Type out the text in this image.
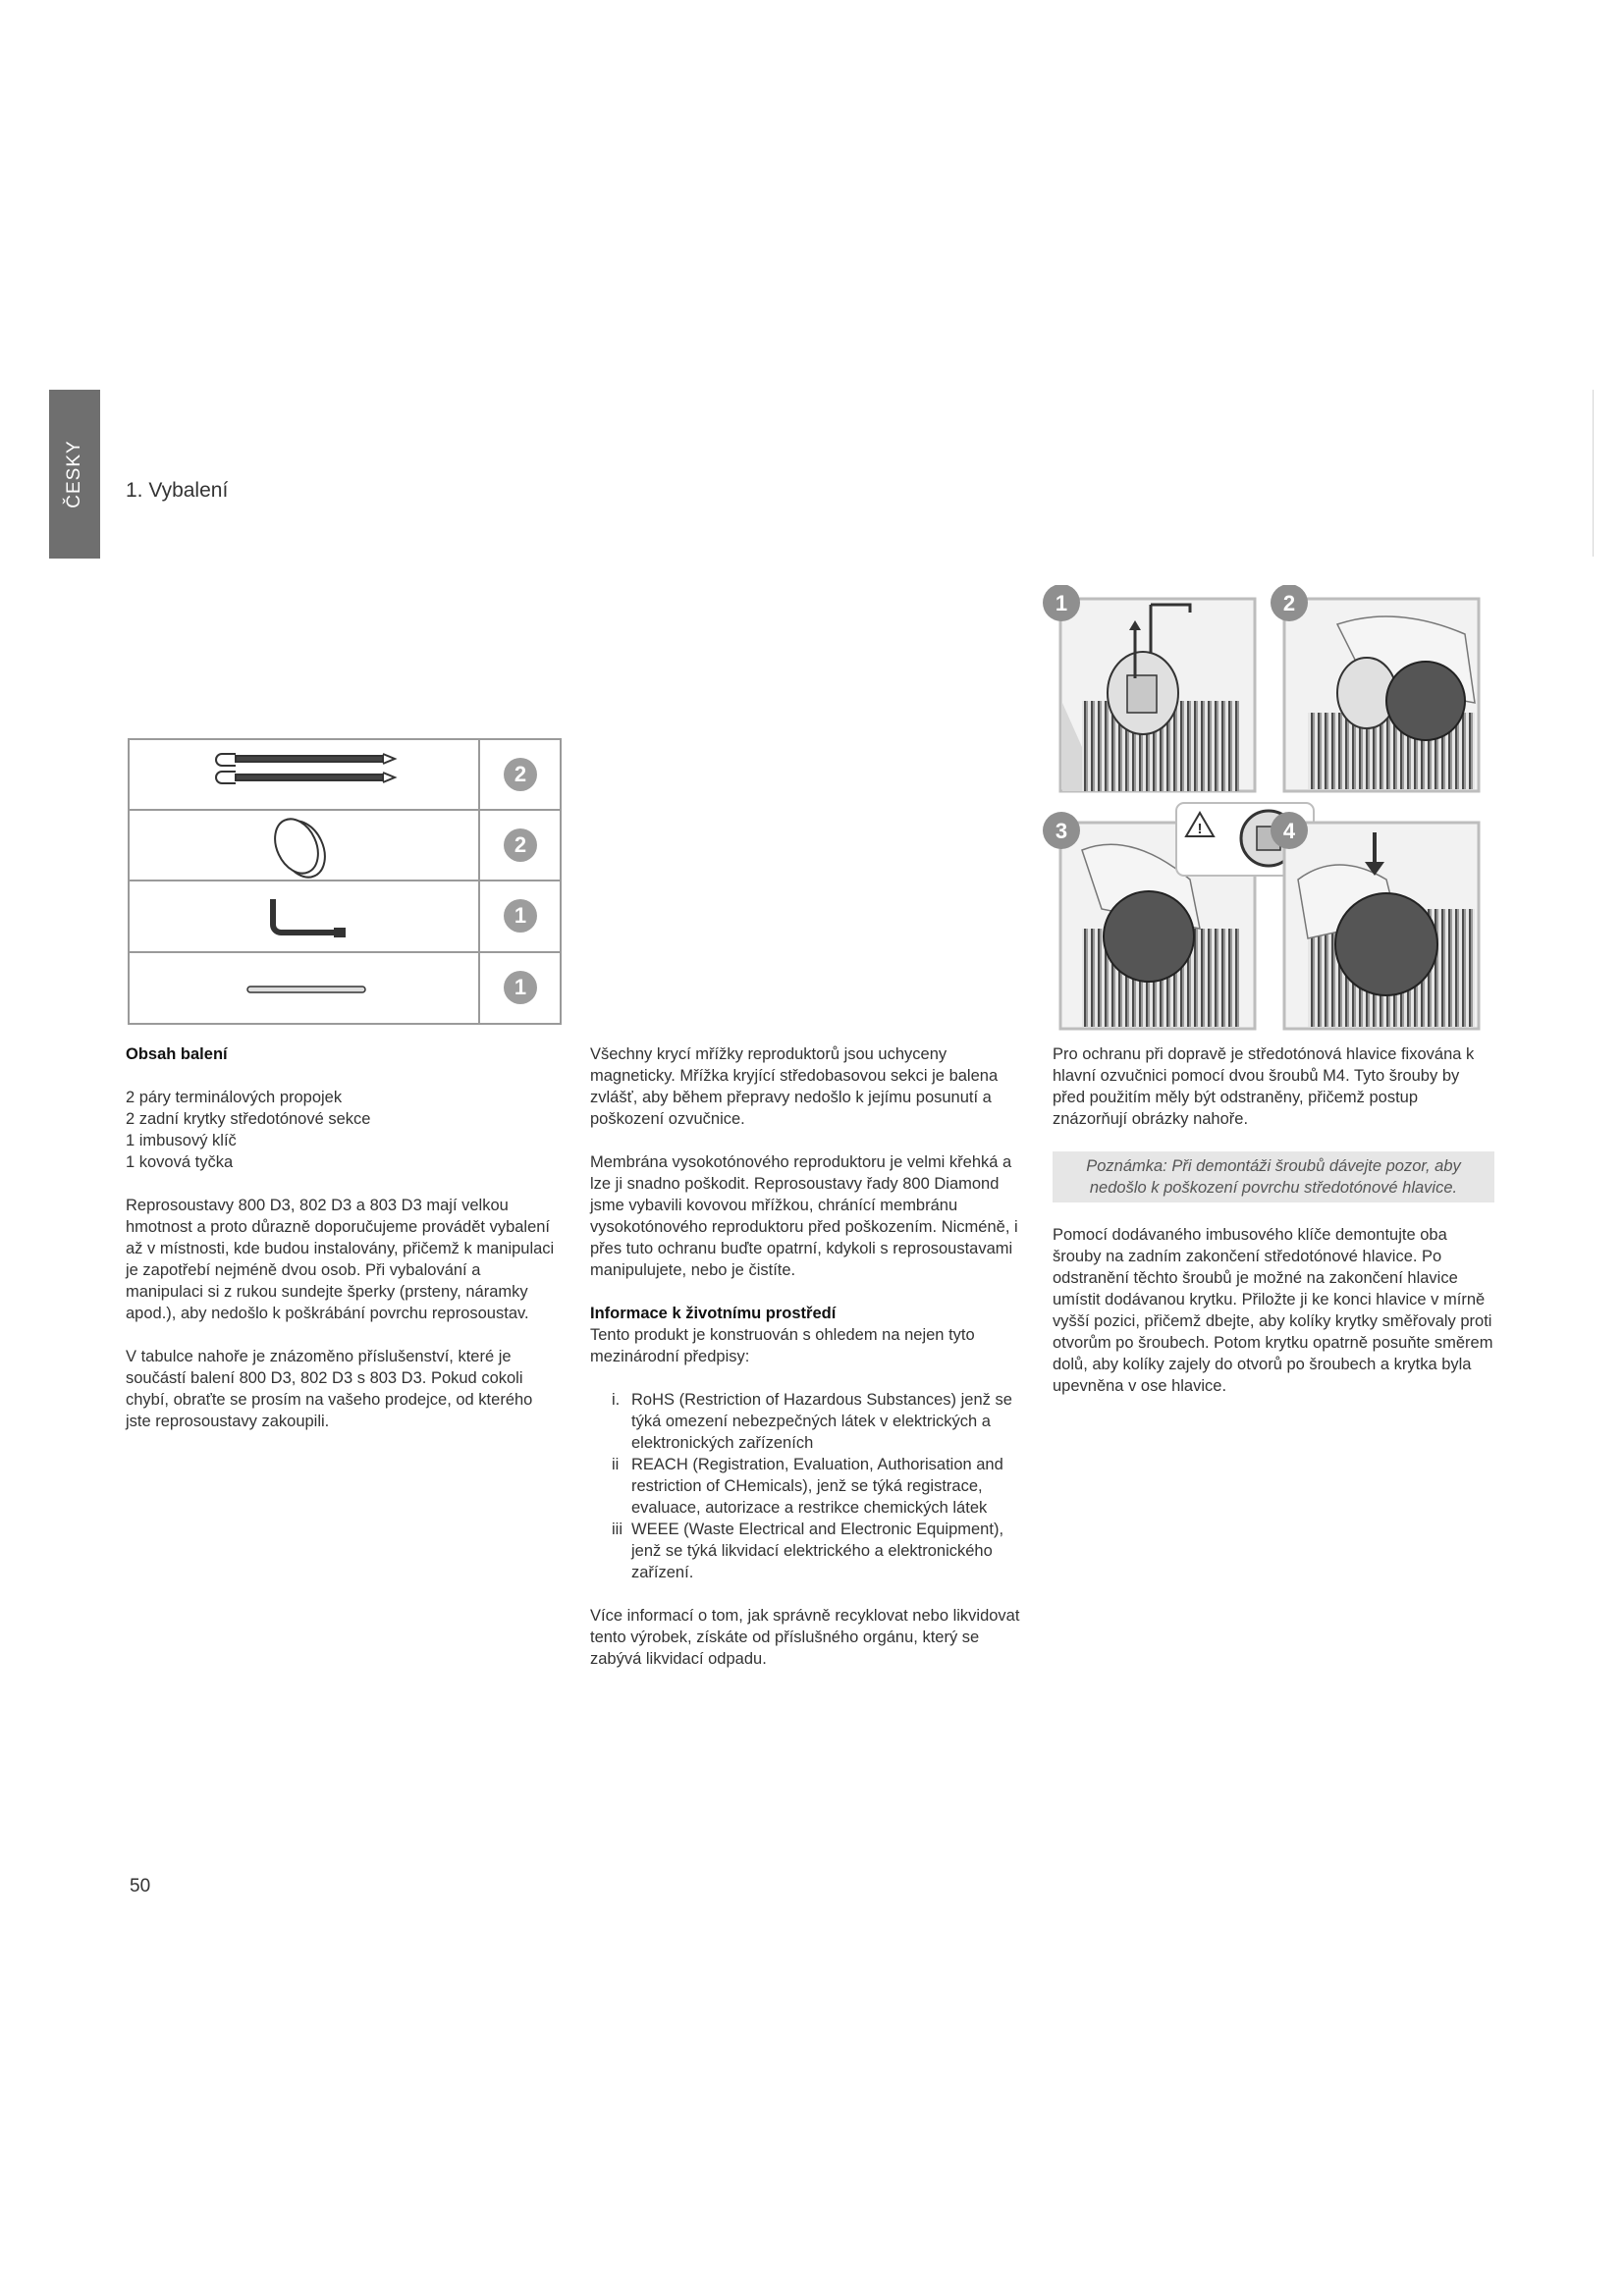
ČESKY 1. Vybalení
2
2
1
1
!
1	2
3	4
Obsah balení
2 páry terminálových propojek
2 zadní krytky středotónové sekce
1 imbusový klíč
1 kovová tyčka

Reprosoustavy 800 D3, 802 D3 a 803 D3 mají velkou hmotnost a proto důrazně doporučujeme provádět vybalení až v místnosti, kde budou instalovány, přičemž k manipulaci je zapotřebí nejméně dvou osob. Při vybalování a manipulaci si z rukou sundejte šperky (prsteny, náramky apod.), aby nedošlo k poškrábání povrchu reprosoustav.

V tabulce nahoře je znázoměno příslušenství, které je součástí balení 800 D3, 802 D3 s 803 D3. Pokud cokoli chybí, obraťte se prosím na vašeho prodejce, od kterého jste reprosoustavy zakoupili.

Všechny krycí mřížky reproduktorů jsou uchyceny magneticky. Mřížka kryjící středobasovou sekci je balena zvlášť, aby během přepravy nedošlo k jejímu posunutí a poškození ozvučnice.

Membrána vysokotónového reproduktoru je velmi křehká a lze ji snadno poškodit. Reprosoustavy řady 800 Diamond jsme vybavili kovovou mřížkou, chránící membránu vysokotónového reproduktoru před poškozením. Nicméně, i přes tuto ochranu buďte opatrní, kdykoli s reprosoustavami manipulujete, nebo je čistíte.

Informace k životnímu prostředí

Tento produkt je konstruován s ohledem na nejen tyto mezinárodní předpisy:

i. RoHS (Restriction of Hazardous Substances) jenž se týká omezení nebezpečných látek v elektrických a elektronických zařízeních
ii REACH (Registration, Evaluation, Authorisation and restriction of CHemicals), jenž se týká registrace, evaluace, autorizace a restrikce chemických látek
iii WEEE (Waste Electrical and Electronic Equipment), jenž se týká likvidací elektrického a elektronického zařízení.

Více informací o tom, jak správně recyklovat nebo likvidovat tento výrobek, získáte od příslušného orgánu, který se zabývá likvidací odpadu.

Pro ochranu při dopravě je středotónová hlavice fixována k hlavní ozvučnici pomocí dvou šroubů M4. Tyto šrouby by před použitím měly být odstraněny, přičemž postup znázorňují obrázky nahoře.

Poznámka: Při demontáži šroubů dávejte pozor, aby nedošlo k poškození povrchu středotónové hlavice.

Pomocí dodávaného imbusového klíče demontujte oba šrouby na zadním zakončení středotónové hlavice. Po odstranění těchto šroubů je možné na zakončení hlavice umístit dodávanou krytku. Přiložte ji ke konci hlavice v mírně vyšší pozici, přičemž dbejte, aby kolíky krytky směřovaly proti otvorům po šroubech. Potom krytku opatrně posuňte směrem dolů, aby kolíky zajely do otvorů po šroubech a krytka byla upevněna v ose hlavice.

50
